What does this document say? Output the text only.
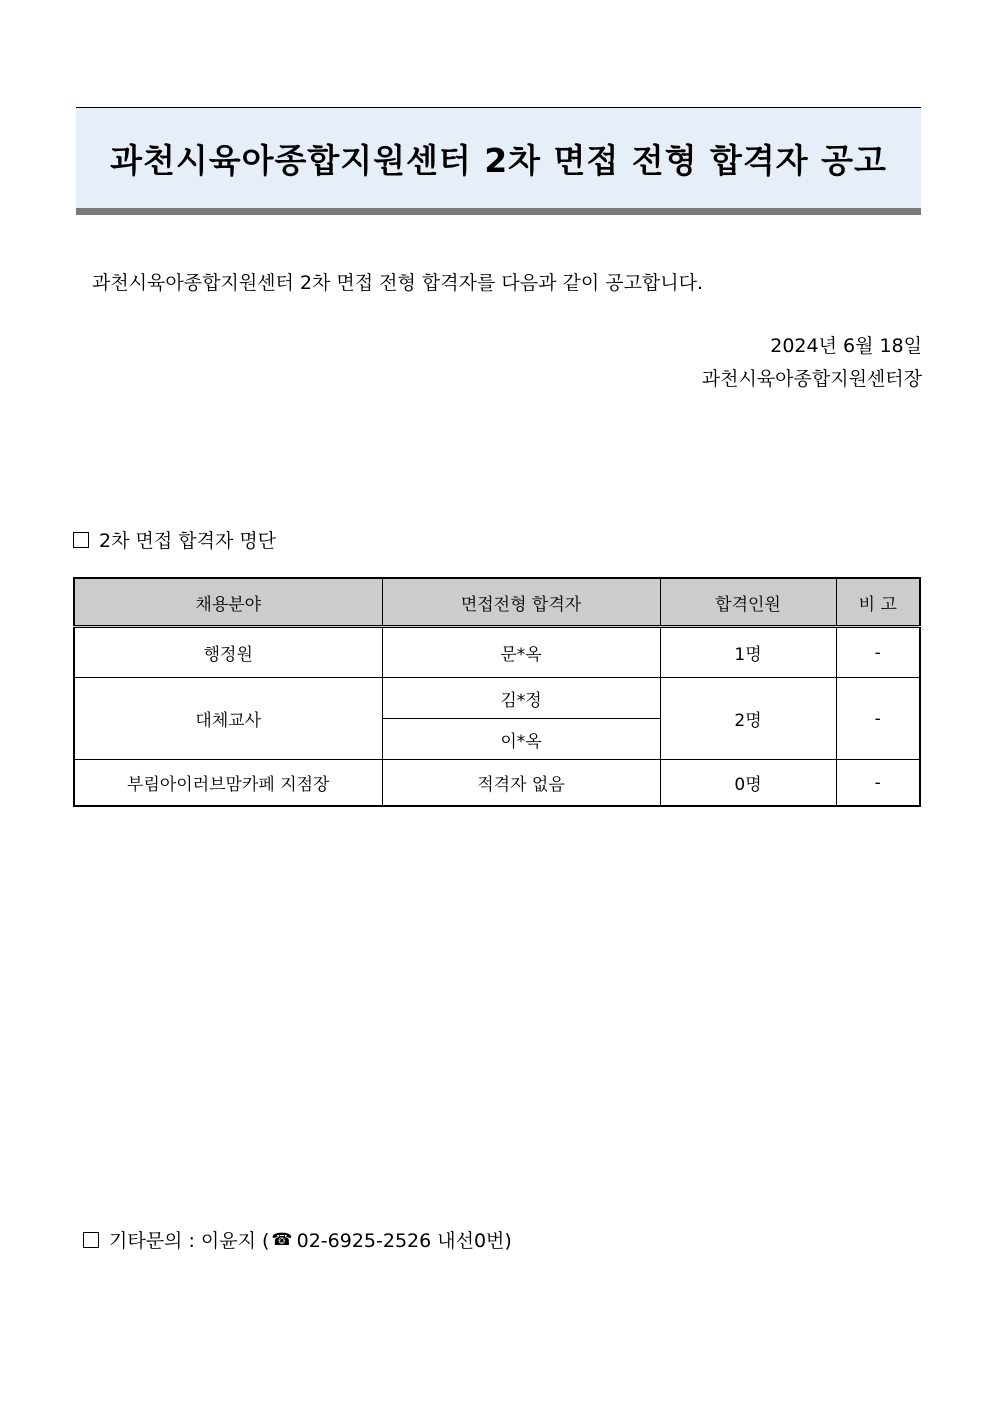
과천시육아종합지원센터 2차 면접 전형 합격자 공고
과천시육아종합지원센터 2차 면접 전형 합격자를 다음과 같이 공고합니다.
2024년 6월 18일
과천시육아종합지원센터장
2차 면접 합격자 명단
채용분야	면접전형 합격자	합격인원	비 고
행정원	문*옥	1명	-
대체교사	김*정	2명	-
	이*옥		
부림아이러브맘카페 지점장	적격자 없음	0명	-
기타문의 : 이윤지 ( ☎ 02-6925-2526 내선0번)
